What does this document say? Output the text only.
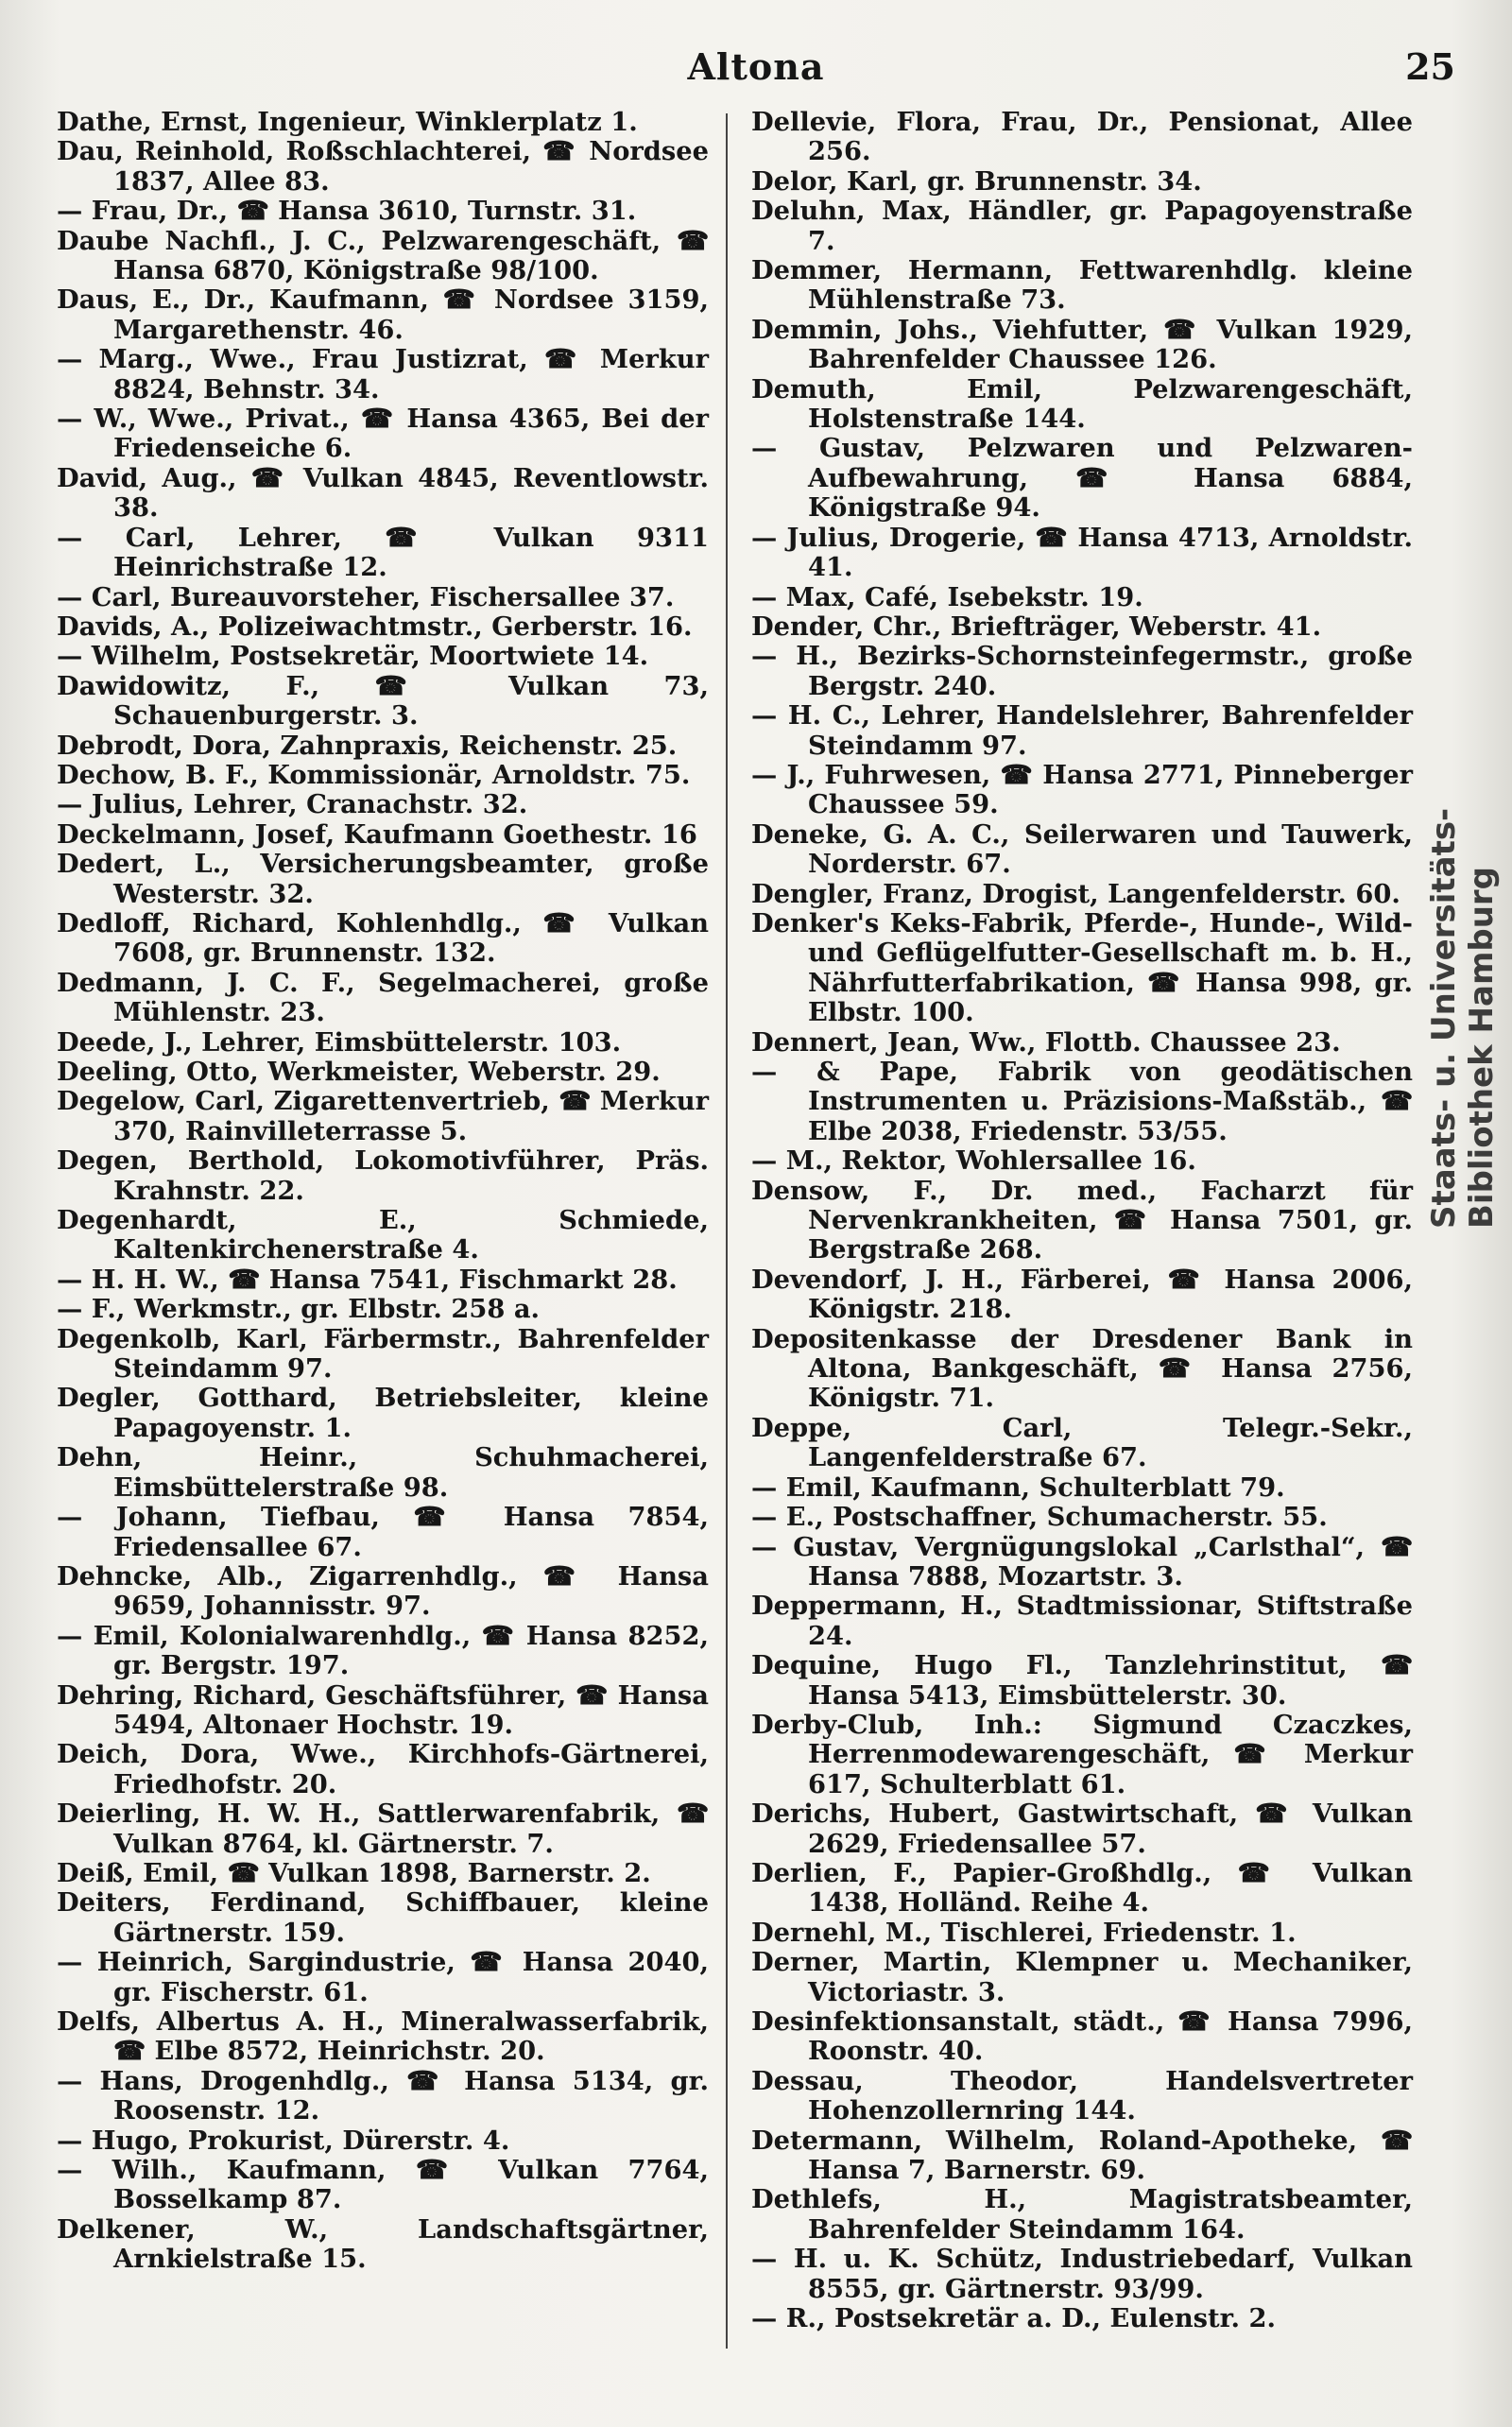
Altona	25
Dathe, Ernst, Ingenieur, Winklerplatz 1.
Dau, Reinhold, Roßschlachterei, ☎ Nordsee 1837, Allee 83.
— Frau, Dr., ☎ Hansa 3610, Turnstr. 31.
Daube Nachfl., J. C., Pelzwarengeschäft, ☎ Hansa 6870, Königstraße 98/100.
Daus, E., Dr., Kaufmann, ☎ Nordsee 3159, Margarethenstr. 46.
— Marg., Wwe., Frau Justizrat, ☎ Merkur 8824, Behnstr. 34.
— W., Wwe., Privat., ☎ Hansa 4365, Bei der Friedenseiche 6.
David, Aug., ☎ Vulkan 4845, Reventlowstr. 38.
— Carl, Lehrer, ☎ Vulkan 9311 Heinrichstraße 12.
— Carl, Bureauvorsteher, Fischersallee 37.
Davids, A., Polizeiwachtmstr., Gerberstr. 16.
— Wilhelm, Postsekretär, Moortwiete 14.
Dawidowitz, F., ☎ Vulkan 73, Schauenburgerstr. 3.
Debrodt, Dora, Zahnpraxis, Reichenstr. 25.
Dechow, B. F., Kommissionär, Arnoldstr. 75.
— Julius, Lehrer, Cranachstr. 32.
Deckelmann, Josef, Kaufmann Goethestr. 16
Dedert, L., Versicherungsbeamter, große Westerstr. 32.
Dedloff, Richard, Kohlenhdlg., ☎ Vulkan 7608, gr. Brunnenstr. 132.
Dedmann, J. C. F., Segelmacherei, große Mühlenstr. 23.
Deede, J., Lehrer, Eimsbüttelerstr. 103.
Deeling, Otto, Werkmeister, Weberstr. 29.
Degelow, Carl, Zigarettenvertrieb, ☎ Merkur 370, Rainvilleterrasse 5.
Degen, Berthold, Lokomotivführer, Präs. Krahnstr. 22.
Degenhardt, E., Schmiede, Kaltenkirchenerstraße 4.
— H. H. W., ☎ Hansa 7541, Fischmarkt 28.
— F., Werkmstr., gr. Elbstr. 258 a.
Degenkolb, Karl, Färbermstr., Bahrenfelder Steindamm 97.
Degler, Gotthard, Betriebsleiter, kleine Papagoyenstr. 1.
Dehn, Heinr., Schuhmacherei, Eimsbüttelerstraße 98.
— Johann, Tiefbau, ☎ Hansa 7854, Friedensallee 67.
Dehncke, Alb., Zigarrenhdlg., ☎ Hansa 9659, Johannisstr. 97.
— Emil, Kolonialwarenhdlg., ☎ Hansa 8252, gr. Bergstr. 197.
Dehring, Richard, Geschäftsführer, ☎ Hansa 5494, Altonaer Hochstr. 19.
Deich, Dora, Wwe., Kirchhofs-Gärtnerei, Friedhofstr. 20.
Deierling, H. W. H., Sattlerwarenfabrik, ☎ Vulkan 8764, kl. Gärtnerstr. 7.
Deiß, Emil, ☎ Vulkan 1898, Barnerstr. 2.
Deiters, Ferdinand, Schiffbauer, kleine Gärtnerstr. 159.
— Heinrich, Sargindustrie, ☎ Hansa 2040, gr. Fischerstr. 61.
Delfs, Albertus A. H., Mineralwasserfabrik, ☎ Elbe 8572, Heinrichstr. 20.
— Hans, Drogenhdlg., ☎ Hansa 5134, gr. Roosenstr. 12.
— Hugo, Prokurist, Dürerstr. 4.
— Wilh., Kaufmann, ☎ Vulkan 7764, Bosselkamp 87.
Delkener, W., Landschaftsgärtner, Arnkielstraße 15.
Dellevie, Flora, Frau, Dr., Pensionat, Allee 256.
Delor, Karl, gr. Brunnenstr. 34.
Deluhn, Max, Händler, gr. Papagoyenstraße 7.
Demmer, Hermann, Fettwarenhdlg. kleine Mühlenstraße 73.
Demmin, Johs., Viehfutter, ☎ Vulkan 1929, Bahrenfelder Chaussee 126.
Demuth, Emil, Pelzwarengeschäft, Holstenstraße 144.
— Gustav, Pelzwaren und Pelzwaren-Aufbewahrung, ☎ Hansa 6884, Königstraße 94.
— Julius, Drogerie, ☎ Hansa 4713, Arnoldstr. 41.
— Max, Café, Isebekstr. 19.
Dender, Chr., Briefträger, Weberstr. 41.
— H., Bezirks-Schornsteinfegermstr., große Bergstr. 240.
— H. C., Lehrer, Handelslehrer, Bahrenfelder Steindamm 97.
— J., Fuhrwesen, ☎ Hansa 2771, Pinneberger Chaussee 59.
Deneke, G. A. C., Seilerwaren und Tauwerk, Norderstr. 67.
Dengler, Franz, Drogist, Langenfelderstr. 60.
Denker's Keks-Fabrik, Pferde-, Hunde-, Wild- und Geflügelfutter-Gesellschaft m. b. H., Nährfutterfabrikation, ☎ Hansa 998, gr. Elbstr. 100.
Dennert, Jean, Ww., Flottb. Chaussee 23.
— & Pape, Fabrik von geodätischen Instrumenten u. Präzisions-Maßstäb., ☎ Elbe 2038, Friedenstr. 53/55.
— M., Rektor, Wohlersallee 16.
Densow, F., Dr. med., Facharzt für Nervenkrankheiten, ☎ Hansa 7501, gr. Bergstraße 268.
Devendorf, J. H., Färberei, ☎ Hansa 2006, Königstr. 218.
Depositenkasse der Dresdener Bank in Altona, Bankgeschäft, ☎ Hansa 2756, Königstr. 71.
Deppe, Carl, Telegr.-Sekr., Langenfelderstraße 67.
— Emil, Kaufmann, Schulterblatt 79.
— E., Postschaffner, Schumacherstr. 55.
— Gustav, Vergnügungslokal „Carlsthal“, ☎ Hansa 7888, Mozartstr. 3.
Deppermann, H., Stadtmissionar, Stiftstraße 24.
Dequine, Hugo Fl., Tanzlehrinstitut, ☎ Hansa 5413, Eimsbüttelerstr. 30.
Derby-Club, Inh.: Sigmund Czaczkes, Herrenmodewarengeschäft, ☎ Merkur 617, Schulterblatt 61.
Derichs, Hubert, Gastwirtschaft, ☎ Vulkan 2629, Friedensallee 57.
Derlien, F., Papier-Großhdlg., ☎ Vulkan 1438, Holländ. Reihe 4.
Dernehl, M., Tischlerei, Friedenstr. 1.
Derner, Martin, Klempner u. Mechaniker, Victoriastr. 3.
Desinfektionsanstalt, städt., ☎ Hansa 7996, Roonstr. 40.
Dessau, Theodor, Handelsvertreter Hohenzollernring 144.
Determann, Wilhelm, Roland-Apotheke, ☎ Hansa 7, Barnerstr. 69.
Dethlefs, H., Magistratsbeamter, Bahrenfelder Steindamm 164.
— H. u. K. Schütz, Industriebedarf, Vulkan 8555, gr. Gärtnerstr. 93/99.
— R., Postsekretär a. D., Eulenstr. 2.
Staats- u. Universitäts- Bibliothek Hamburg
